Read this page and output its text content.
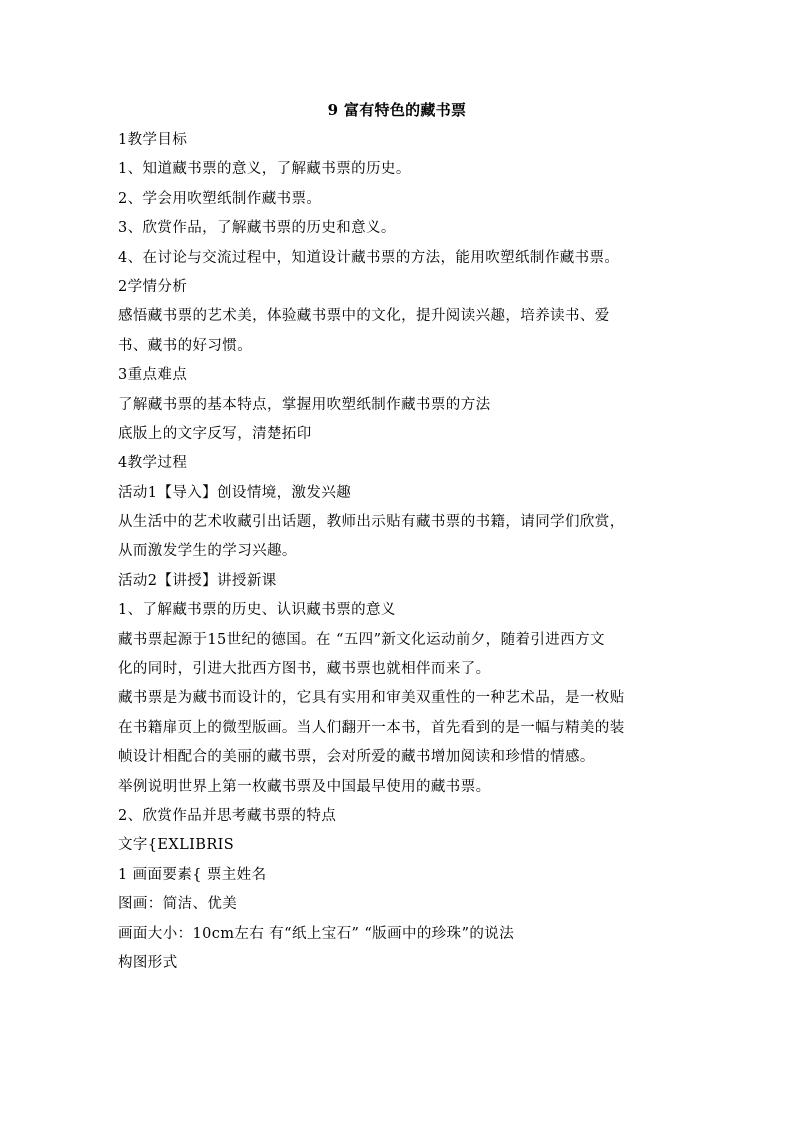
9 富有特色的藏书票
1教学目标
1、知道藏书票的意义，了解藏书票的历史。
2、学会用吹塑纸制作藏书票。
3、欣赏作品，了解藏书票的历史和意义。
4、在讨论与交流过程中，知道设计藏书票的方法，能用吹塑纸制作藏书票。
2学情分析
感悟藏书票的艺术美，体验藏书票中的文化，提升阅读兴趣，培养读书、爱
书、藏书的好习惯。
3重点难点
了解藏书票的基本特点，掌握用吹塑纸制作藏书票的方法
底版上的文字反写，清楚拓印
4教学过程
活动1【导入】创设情境，激发兴趣
从生活中的艺术收藏引出话题，教师出示贴有藏书票的书籍，请同学们欣赏，
从而激发学生的学习兴趣。
活动2【讲授】讲授新课
1、了解藏书票的历史、认识藏书票的意义
藏书票起源于15世纪的德国。在 “五四”新文化运动前夕，随着引进西方文
化的同时，引进大批西方图书，藏书票也就相伴而来了。
藏书票是为藏书而设计的，它具有实用和审美双重性的一种艺术品，是一枚贴
在书籍扉页上的微型版画。当人们翻开一本书，首先看到的是一幅与精美的装
帧设计相配合的美丽的藏书票，会对所爱的藏书增加阅读和珍惜的情感。
举例说明世界上第一枚藏书票及中国最早使用的藏书票。
2、欣赏作品并思考藏书票的特点
文字{EXLIBRIS
1 画面要素{ 票主姓名
图画：简洁、优美
画面大小：10cm左右 有“纸上宝石” “版画中的珍珠”的说法
构图形式
